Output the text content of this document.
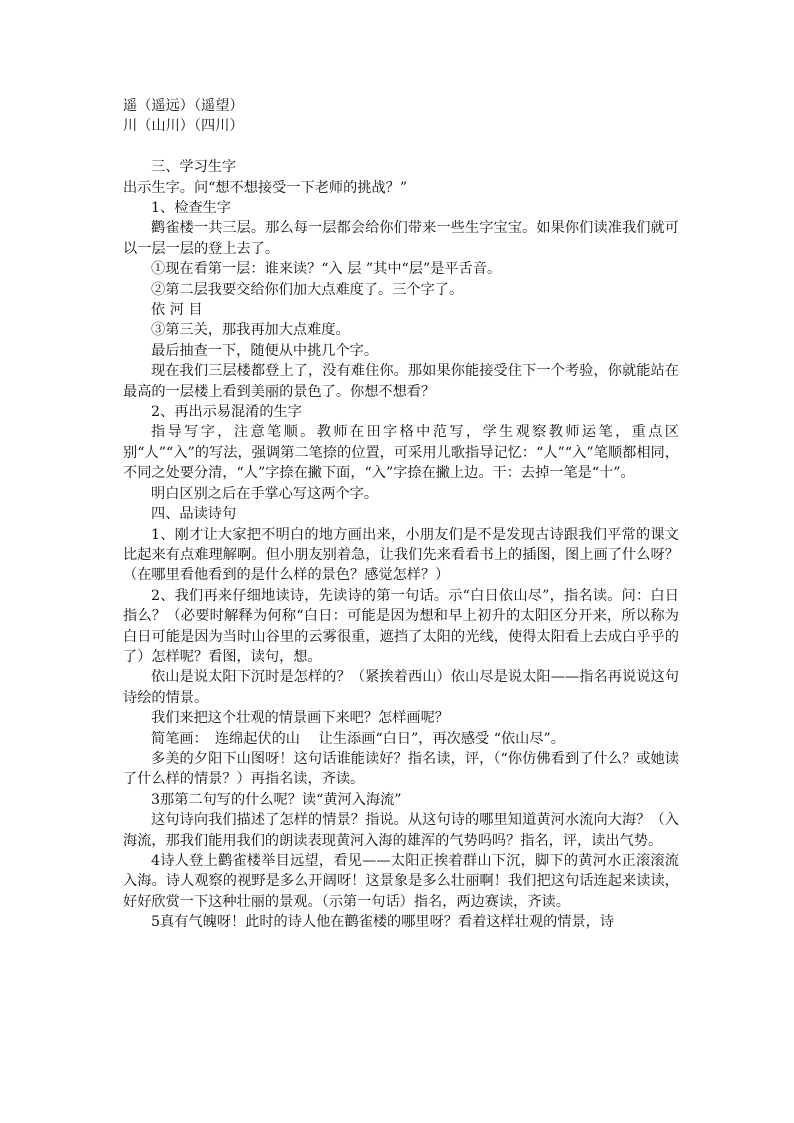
遥（遥远）（遥望）

川（山川）（四川）

三、学习生字

出示生字。问“想不想接受一下老师的挑战？”

1、检查生字

鹳雀楼一共三层。那么每一层都会给你们带来一些生字宝宝。如果你们读准我们就可以一层一层的登上去了。

①现在看第一层：谁来读？“入 层 ”其中“层”是平舌音。

②第二层我要交给你们加大点难度了。三个字了。

依 河 目

③第三关，那我再加大点难度。

最后抽查一下，随便从中挑几个字。

现在我们三层楼都登上了，没有难住你。那如果你能接受住下一个考验，你就能站在最高的一层楼上看到美丽的景色了。你想不想看？

2、再出示易混淆的生字

指导写字，注意笔顺。教师在田字格中范写，学生观察教师运笔，重点区别“人”“入”的写法，强调第二笔捺的位置，可采用儿歌指导记忆：“人”“入”笔顺都相同，不同之处要分清，“人”字捺在撇下面，“入”字捺在撇上边。干：去掉一笔是“十”。

明白区别之后在手掌心写这两个字。

四、品读诗句

1、刚才让大家把不明白的地方画出来，小朋友们是不是发现古诗跟我们平常的课文比起来有点难理解啊。但小朋友别着急，让我们先来看看书上的插图，图上画了什么呀？（在哪里看他看到的是什么样的景色？感觉怎样？）

2、我们再来仔细地读诗，先读诗的第一句话。示“白日依山尽”，指名读。问：白日指么？（必要时解释为何称“白日：可能是因为想和早上初升的太阳区分开来，所以称为白日可能是因为当时山谷里的云雾很重，遮挡了太阳的光线，使得太阳看上去成白乎乎的了）怎样呢？看图，读句，想。

依山是说太阳下沉时是怎样的？（紧挨着西山）依山尽是说太阳——指名再说说这句诗绘的情景。

我们来把这个壮观的情景画下来吧？怎样画呢？

简笔画：　连绵起伏的山　 让生添画“白日”，再次感受 “依山尽”。

多美的夕阳下山图呀！这句话谁能读好？指名读，评，（“你仿佛看到了什么？或她读了什么样的情景？）再指名读，齐读。

3那第二句写的什么呢？读“黄河入海流”

这句诗向我们描述了怎样的情景？指说。从这句诗的哪里知道黄河水流向大海？（入海流，那我们能用我们的朗读表现黄河入海的雄浑的气势吗吗？指名，评，读出气势。

4诗人登上鹳雀楼举目远望，看见——太阳正挨着群山下沉，脚下的黄河水正滚滚流入海。诗人观察的视野是多么开阔呀！这景象是多么壮丽啊！我们把这句话连起来读读，好好欣赏一下这种壮丽的景观。（示第一句话）指名，两边赛读，齐读。

5真有气魄呀！此时的诗人他在鹳雀楼的哪里呀？看着这样壮观的情景，诗
